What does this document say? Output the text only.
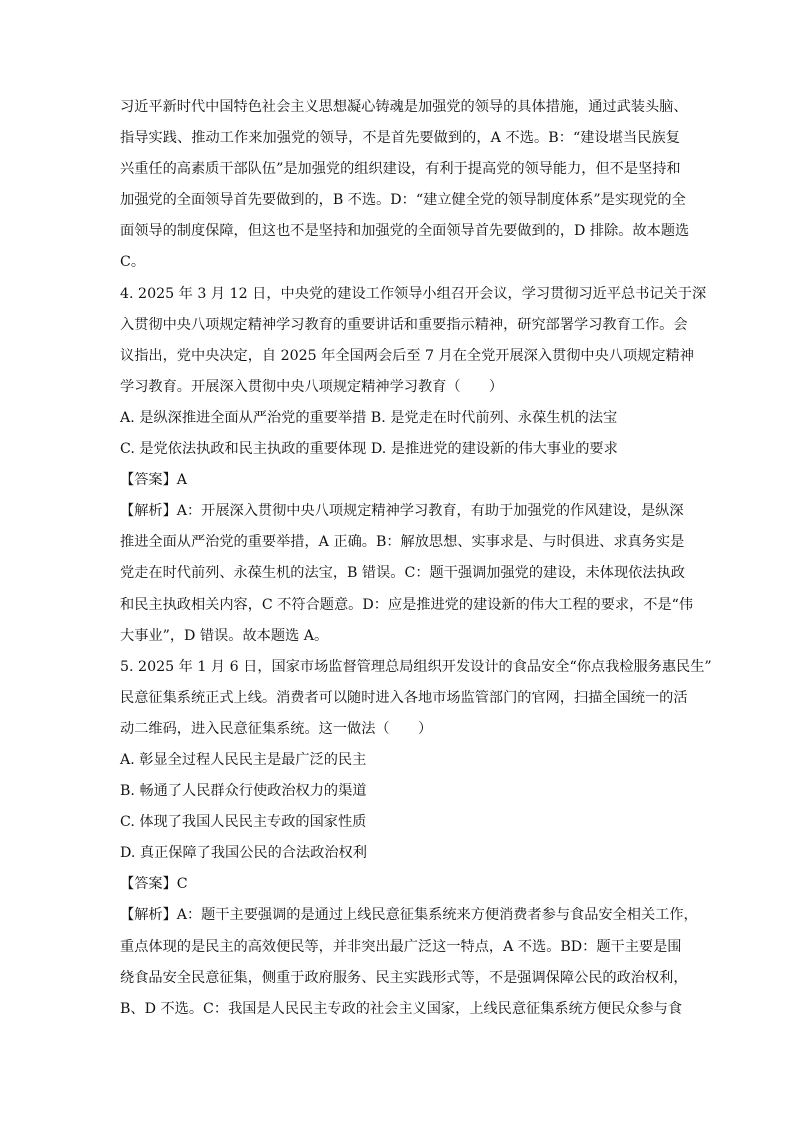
习近平新时代中国特色社会主义思想凝心铸魂是加强党的领导的具体措施，通过武装头脑、
指导实践、推动工作来加强党的领导，不是首先要做到的，A 不选。B：“建设堪当民族复
兴重任的高素质干部队伍”是加强党的组织建设，有利于提高党的领导能力，但不是坚持和
加强党的全面领导首先要做到的，B 不选。D：“建立健全党的领导制度体系”是实现党的全
面领导的制度保障，但这也不是坚持和加强党的全面领导首先要做到的，D 排除。故本题选
C。
4. 2025 年 3 月 12 日，中央党的建设工作领导小组召开会议，学习贯彻习近平总书记关于深
入贯彻中央八项规定精神学习教育的重要讲话和重要指示精神，研究部署学习教育工作。会
议指出，党中央决定，自 2025 年全国两会后至 7 月在全党开展深入贯彻中央八项规定精神
学习教育。开展深入贯彻中央八项规定精神学习教育（　　）
A. 是纵深推进全面从严治党的重要举措 B. 是党走在时代前列、永葆生机的法宝
C. 是党依法执政和民主执政的重要体现 D. 是推进党的建设新的伟大事业的要求
【答案】A
【解析】A：开展深入贯彻中央八项规定精神学习教育，有助于加强党的作风建设，是纵深
推进全面从严治党的重要举措，A 正确。B：解放思想、实事求是、与时俱进、求真务实是
党走在时代前列、永葆生机的法宝，B 错误。C：题干强调加强党的建设，未体现依法执政
和民主执政相关内容，C 不符合题意。D：应是推进党的建设新的伟大工程的要求，不是“伟
大事业”，D 错误。故本题选 A。
5. 2025 年 1 月 6 日，国家市场监督管理总局组织开发设计的食品安全“你点我检服务惠民生”
民意征集系统正式上线。消费者可以随时进入各地市场监管部门的官网，扫描全国统一的活
动二维码，进入民意征集系统。这一做法（　　）
A. 彰显全过程人民民主是最广泛的民主
B. 畅通了人民群众行使政治权力的渠道
C. 体现了我国人民民主专政的国家性质
D. 真正保障了我国公民的合法政治权利
【答案】C
【解析】A：题干主要强调的是通过上线民意征集系统来方便消费者参与食品安全相关工作，
重点体现的是民主的高效便民等，并非突出最广泛这一特点，A 不选。BD：题干主要是围
绕食品安全民意征集，侧重于政府服务、民主实践形式等，不是强调保障公民的政治权利，
B、D 不选。C：我国是人民民主专政的社会主义国家，上线民意征集系统方便民众参与食
